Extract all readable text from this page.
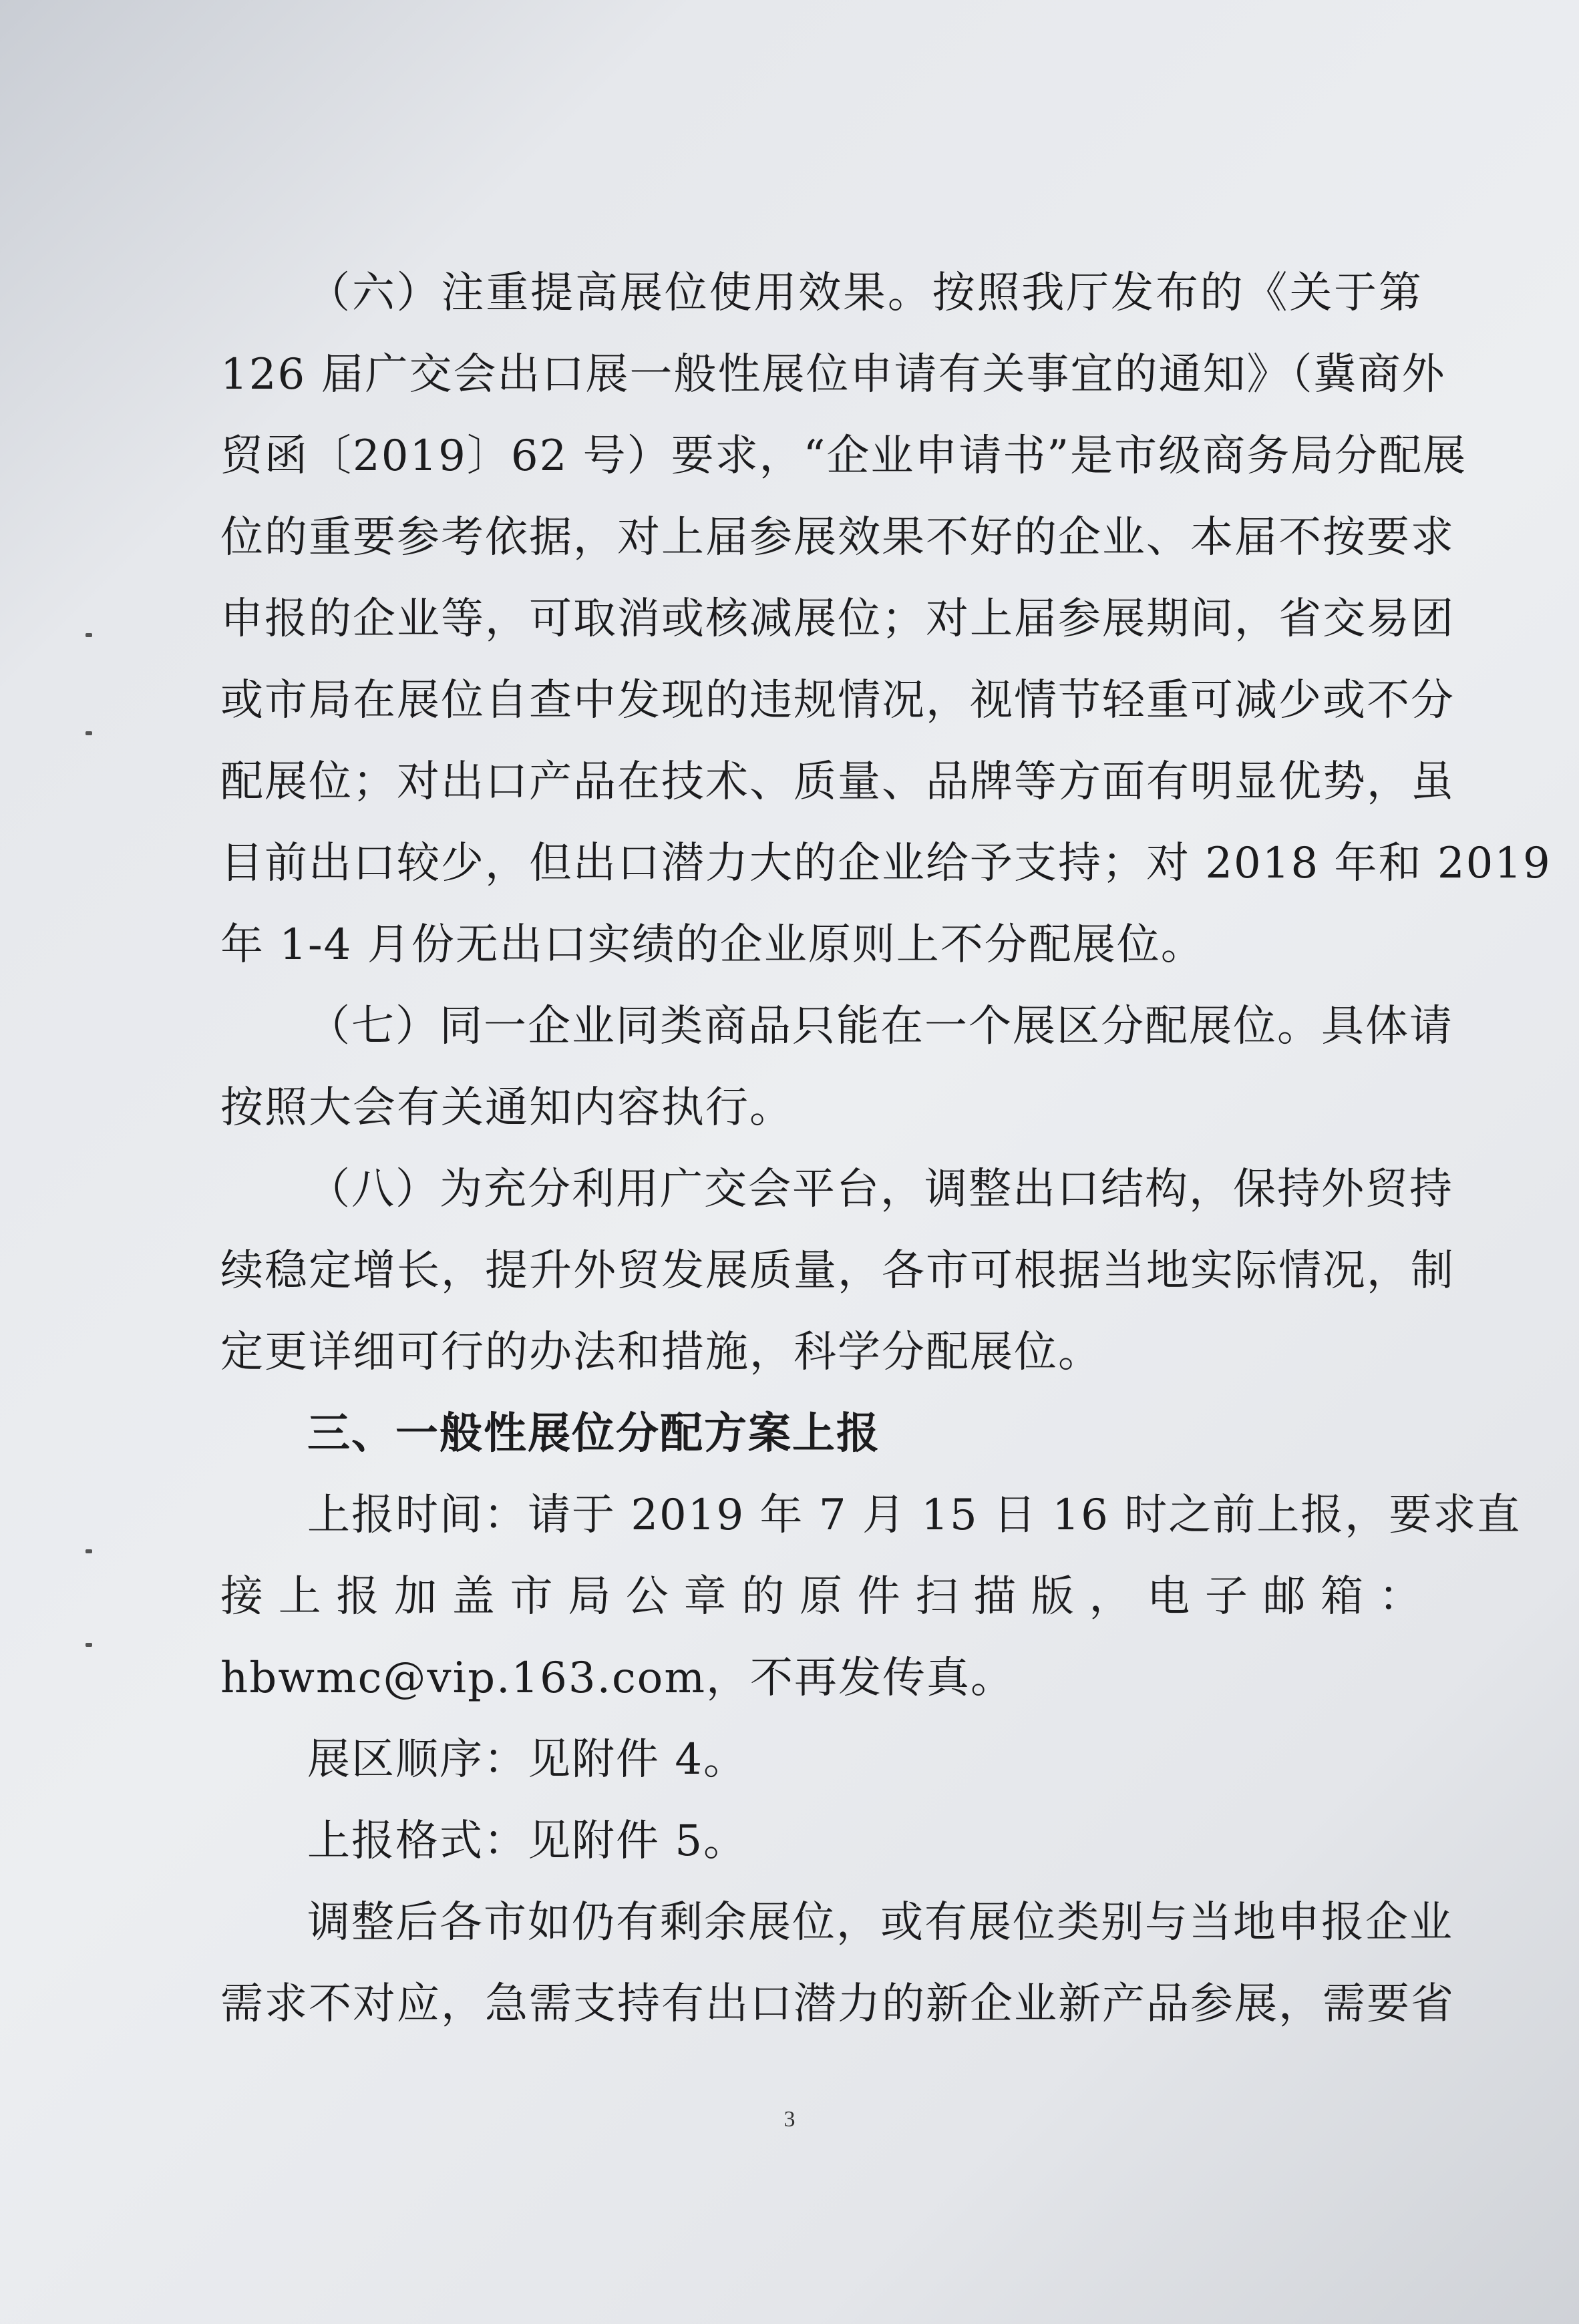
（六）注重提高展位使用效果。按照我厅发布的《关于第
126 届广交会出口展一般性展位申请有关事宜的通知》（冀商外
贸函〔2019〕62 号）要求，“企业申请书”是市级商务局分配展
位的重要参考依据，对上届参展效果不好的企业、本届不按要求
申报的企业等，可取消或核减展位；对上届参展期间，省交易团
或市局在展位自查中发现的违规情况，视情节轻重可减少或不分
配展位；对出口产品在技术、质量、品牌等方面有明显优势，虽
目前出口较少，但出口潜力大的企业给予支持；对 2018 年和 2019
年 1-4 月份无出口实绩的企业原则上不分配展位。
（七）同一企业同类商品只能在一个展区分配展位。具体请
按照大会有关通知内容执行。
（八）为充分利用广交会平台，调整出口结构，保持外贸持
续稳定增长，提升外贸发展质量，各市可根据当地实际情况，制
定更详细可行的办法和措施，科学分配展位。
三、一般性展位分配方案上报
上报时间：请于 2019 年 7 月 15 日 16 时之前上报，要求直
接上报加盖市局公章的原件扫描版，电子邮箱：
hbwmc@vip.163.com，不再发传真。
展区顺序：见附件 4。
上报格式：见附件 5。
调整后各市如仍有剩余展位，或有展位类别与当地申报企业
需求不对应，急需支持有出口潜力的新企业新产品参展，需要省
3
